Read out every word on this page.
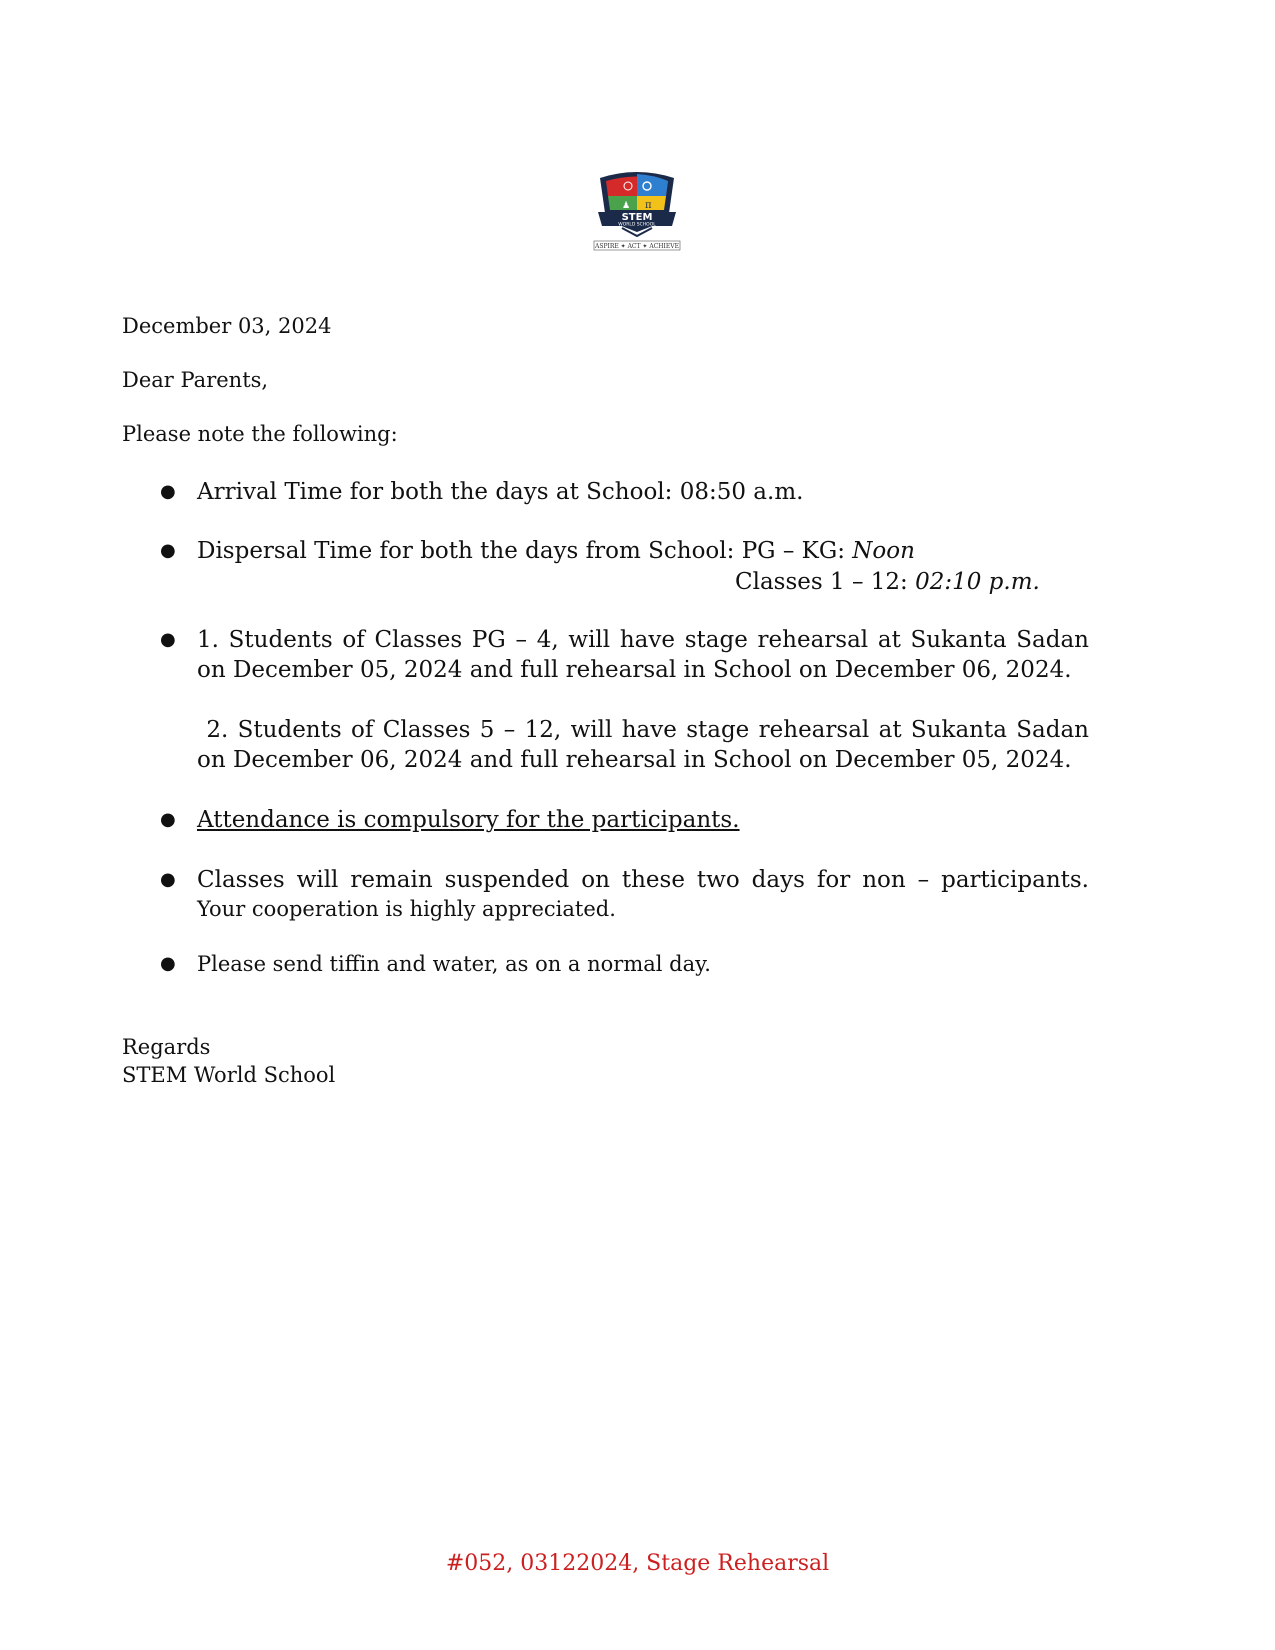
♟ π
STEM
WORLD SCHOOL
ASPIRE ✦ ACT ✦ ACHIEVE
December 03, 2024
Dear Parents,
Please note the following:
● Arrival Time for both the days at School: 08:50 a.m.
● Dispersal Time for both the days from School: PG – KG: Noon
Classes 1 – 12: 02:10 p.m.
● 1. Students of Classes PG – 4, will have stage rehearsal at Sukanta Sadan
on December 05, 2024 and full rehearsal in School on December 06, 2024.
2. Students of Classes 5 – 12, will have stage rehearsal at Sukanta Sadan
on December 06, 2024 and full rehearsal in School on December 05, 2024.
● Attendance is compulsory for the participants.
● Classes will remain suspended on these two days for non – participants.
Your cooperation is highly appreciated.
● Please send tiffin and water, as on a normal day.
Regards
STEM World School
#052, 03122024, Stage Rehearsal
